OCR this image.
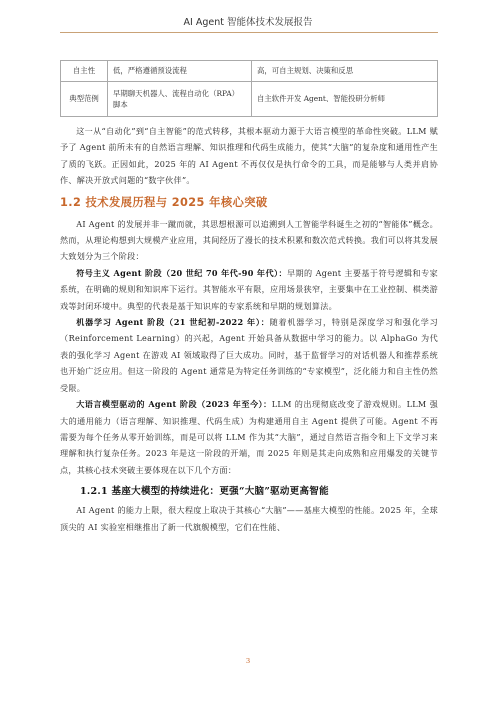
AI Agent 智能体技术发展报告
自主性	低，严格遵循预设流程	高，可自主规划、决策和反思
典型范例	早期聊天机器人、流程自动化（RPA）脚本	自主软件开发 Agent、智能投研分析师

这一从“自动化”到“自主智能”的范式转移，其根本驱动力源于大语言模型的革命性突破。LLM 赋予了 Agent 前所未有的自然语言理解、知识推理和代码生成能力，使其“大脑”的复杂度和通用性产生了质的飞跃。正因如此，2025 年的 AI Agent 不再仅仅是执行命令的工具，而是能够与人类并肩协作、解决开放式问题的“数字伙伴”。

1.2 技术发展历程与 2025 年核心突破

AI Agent 的发展并非一蹴而就，其思想根源可以追溯到人工智能学科诞生之初的“智能体”概念。然而，从理论构想到大规模产业应用，其间经历了漫长的技术积累和数次范式转换。我们可以将其发展大致划分为三个阶段：

符号主义 Agent 阶段（20 世纪 70 年代-90 年代）：早期的 Agent 主要基于符号逻辑和专家系统，在明确的规则和知识库下运行。其智能水平有限，应用场景狭窄，主要集中在工业控制、棋类游戏等封闭环境中。典型的代表是基于知识库的专家系统和早期的规划算法。

机器学习 Agent 阶段（21 世纪初-2022 年）：随着机器学习，特别是深度学习和强化学习（Reinforcement Learning）的兴起，Agent 开始具备从数据中学习的能力。以 AlphaGo 为代表的强化学习 Agent 在游戏 AI 领域取得了巨大成功。同时，基于监督学习的对话机器人和推荐系统也开始广泛应用。但这一阶段的 Agent 通常是为特定任务训练的“专家模型”，泛化能力和自主性仍然受限。

大语言模型驱动的 Agent 阶段（2023 年至今）：LLM 的出现彻底改变了游戏规则。LLM 强大的通用能力（语言理解、知识推理、代码生成）为构建通用自主 Agent 提供了可能。Agent 不再需要为每个任务从零开始训练，而是可以将 LLM 作为其“大脑”，通过自然语言指令和上下文学习来理解和执行复杂任务。2023 年是这一阶段的开端，而 2025 年则是其走向成熟和应用爆发的关键节点，其核心技术突破主要体现在以下几个方面：

1.2.1 基座大模型的持续进化：更强“大脑”驱动更高智能

AI Agent 的能力上限，很大程度上取决于其核心“大脑”——基座大模型的性能。2025 年，全球顶尖的 AI 实验室相继推出了新一代旗舰模型，它们在性能、

3
